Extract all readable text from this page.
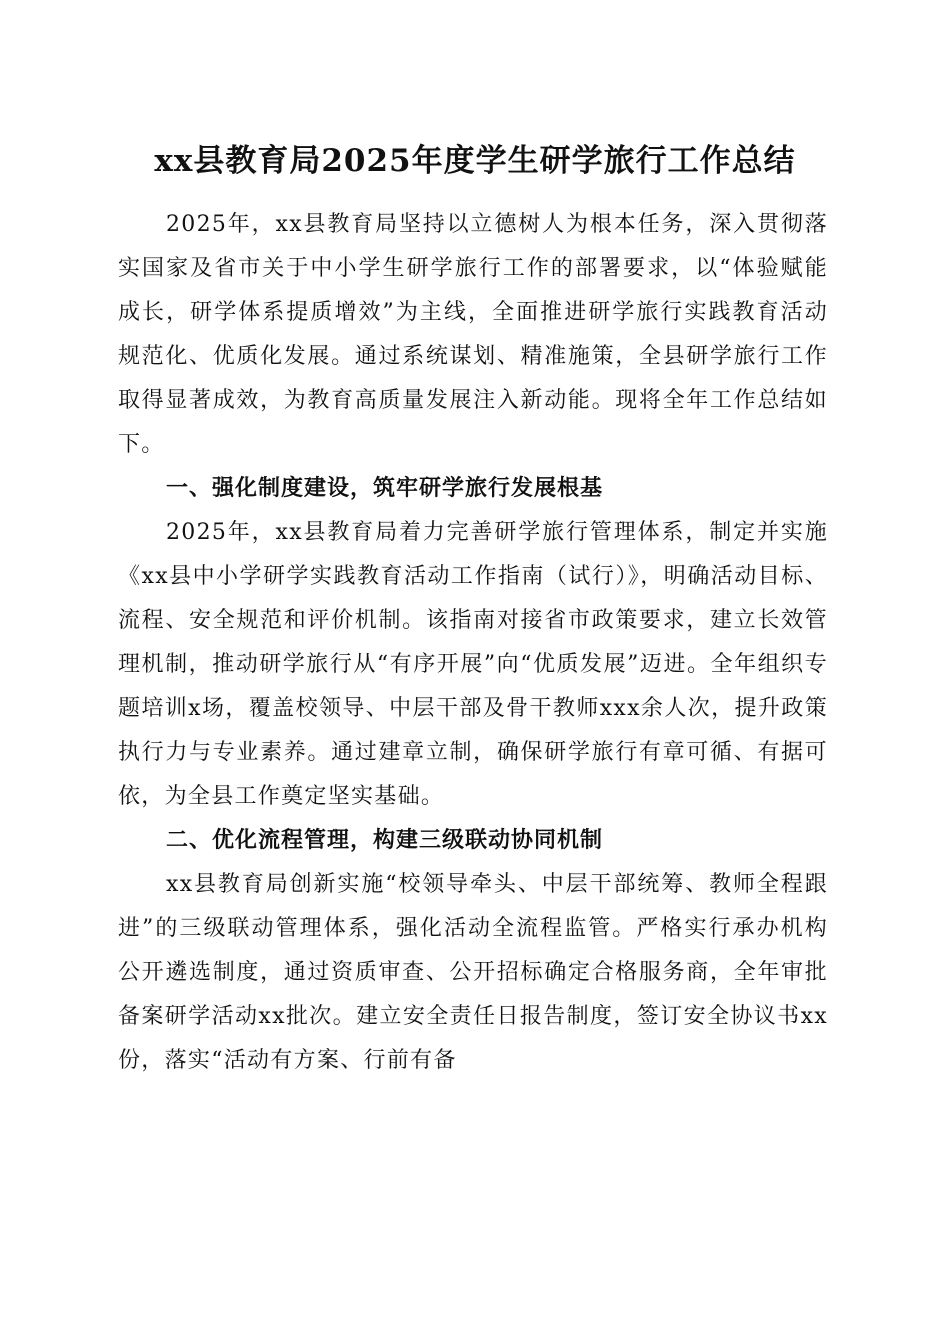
xx县教育局2025年度学生研学旅行工作总结

2025年，xx县教育局坚持以立德树人为根本任务，深入贯彻落实国家及省市关于中小学生研学旅行工作的部署要求，以“体验赋能成长，研学体系提质增效”为主线，全面推进研学旅行实践教育活动规范化、优质化发展。通过系统谋划、精准施策，全县研学旅行工作取得显著成效，为教育高质量发展注入新动能。现将全年工作总结如下。

一、强化制度建设，筑牢研学旅行发展根基

2025年，xx县教育局着力完善研学旅行管理体系，制定并实施《xx县中小学研学实践教育活动工作指南（试行）》，明确活动目标、流程、安全规范和评价机制。该指南对接省市政策要求，建立长效管理机制，推动研学旅行从“有序开展”向“优质发展”迈进。全年组织专题培训x场，覆盖校领导、中层干部及骨干教师xxx余人次，提升政策执行力与专业素养。通过建章立制，确保研学旅行有章可循、有据可依，为全县工作奠定坚实基础。

二、优化流程管理，构建三级联动协同机制

xx县教育局创新实施“校领导牵头、中层干部统筹、教师全程跟进”的三级联动管理体系，强化活动全流程监管。严格实行承办机构公开遴选制度，通过资质审查、公开招标确定合格服务商，全年审批备案研学活动xx批次。建立安全责任日报告制度，签订安全协议书xx份，落实“活动有方案、行前有备
